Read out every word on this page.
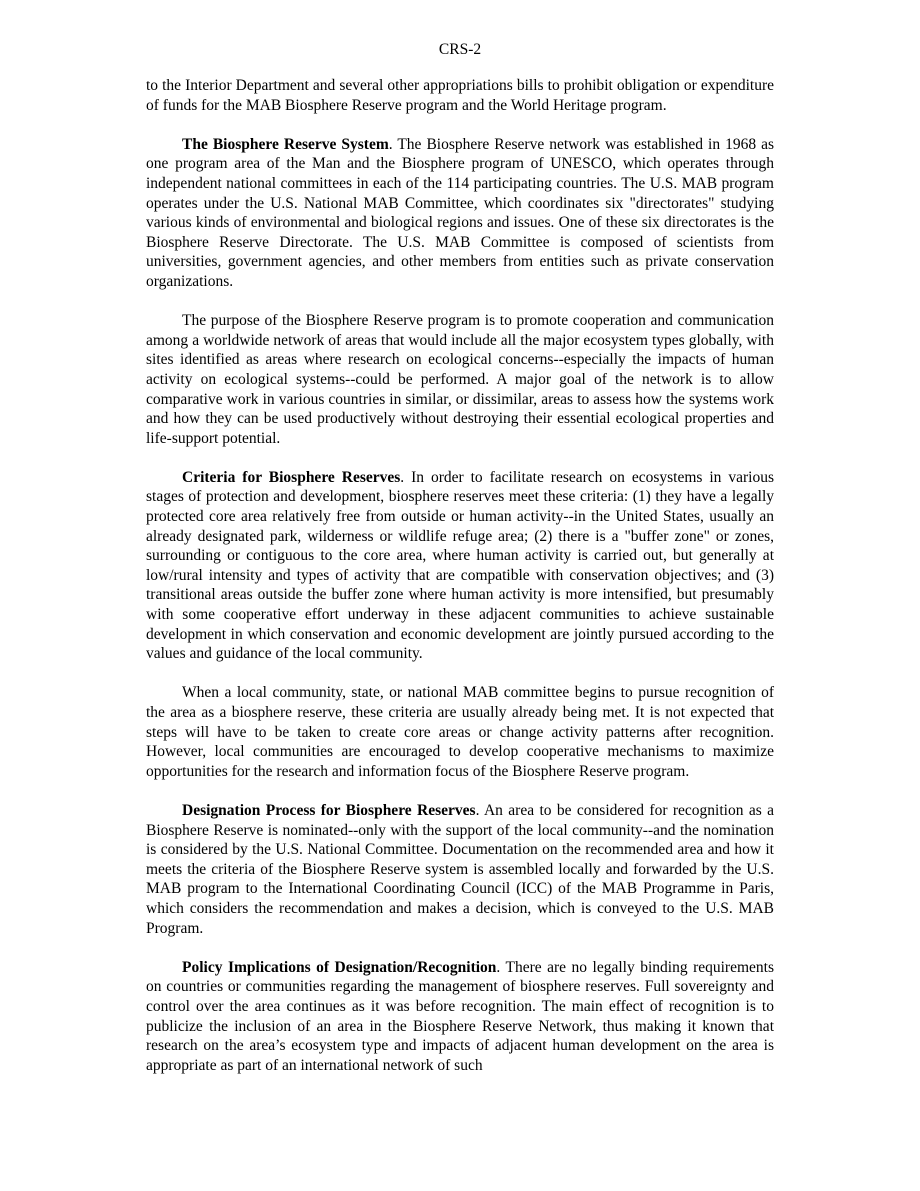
CRS-2

to the Interior Department and several other appropriations bills to prohibit obligation or expenditure of funds for the MAB Biosphere Reserve program and the World Heritage program.

The Biosphere Reserve System. The Biosphere Reserve network was established in 1968 as one program area of the Man and the Biosphere program of UNESCO, which operates through independent national committees in each of the 114 participating countries. The U.S. MAB program operates under the U.S. National MAB Committee, which coordinates six "directorates" studying various kinds of environmental and biological regions and issues. One of these six directorates is the Biosphere Reserve Directorate. The U.S. MAB Committee is composed of scientists from universities, government agencies, and other members from entities such as private conservation organizations.

The purpose of the Biosphere Reserve program is to promote cooperation and communication among a worldwide network of areas that would include all the major ecosystem types globally, with sites identified as areas where research on ecological concerns--especially the impacts of human activity on ecological systems--could be performed. A major goal of the network is to allow comparative work in various countries in similar, or dissimilar, areas to assess how the systems work and how they can be used productively without destroying their essential ecological properties and life-support potential.

Criteria for Biosphere Reserves. In order to facilitate research on ecosystems in various stages of protection and development, biosphere reserves meet these criteria: (1) they have a legally protected core area relatively free from outside or human activity--in the United States, usually an already designated park, wilderness or wildlife refuge area; (2) there is a "buffer zone" or zones, surrounding or contiguous to the core area, where human activity is carried out, but generally at low/rural intensity and types of activity that are compatible with conservation objectives; and (3) transitional areas outside the buffer zone where human activity is more intensified, but presumably with some cooperative effort underway in these adjacent communities to achieve sustainable development in which conservation and economic development are jointly pursued according to the values and guidance of the local community.

When a local community, state, or national MAB committee begins to pursue recognition of the area as a biosphere reserve, these criteria are usually already being met. It is not expected that steps will have to be taken to create core areas or change activity patterns after recognition. However, local communities are encouraged to develop cooperative mechanisms to maximize opportunities for the research and information focus of the Biosphere Reserve program.

Designation Process for Biosphere Reserves. An area to be considered for recognition as a Biosphere Reserve is nominated--only with the support of the local community--and the nomination is considered by the U.S. National Committee. Documentation on the recommended area and how it meets the criteria of the Biosphere Reserve system is assembled locally and forwarded by the U.S. MAB program to the International Coordinating Council (ICC) of the MAB Programme in Paris, which considers the recommendation and makes a decision, which is conveyed to the U.S. MAB Program.

Policy Implications of Designation/Recognition. There are no legally binding requirements on countries or communities regarding the management of biosphere reserves. Full sovereignty and control over the area continues as it was before recognition. The main effect of recognition is to publicize the inclusion of an area in the Biosphere Reserve Network, thus making it known that research on the area’s ecosystem type and impacts of adjacent human development on the area is appropriate as part of an international network of such
